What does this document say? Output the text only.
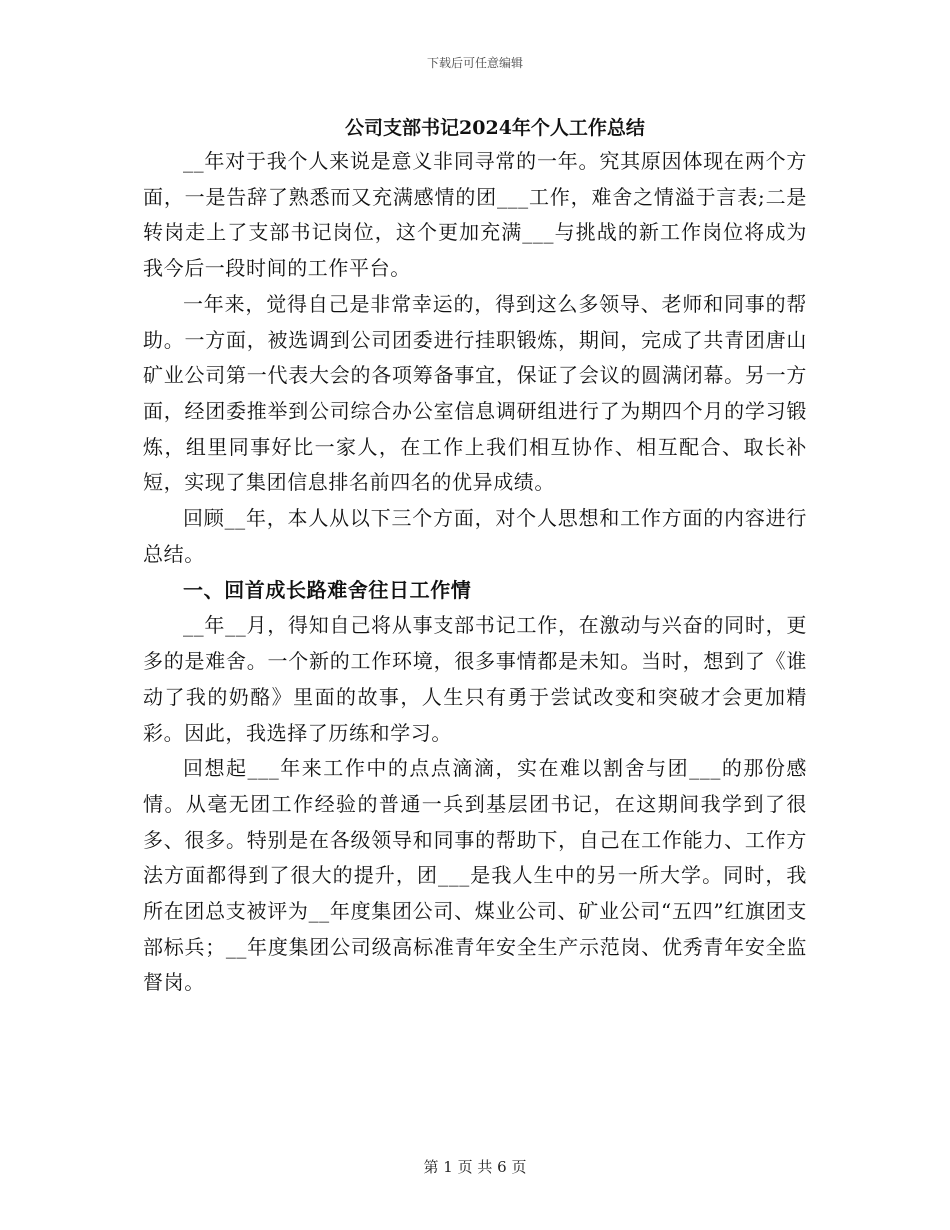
下载后可任意编辑
公司支部书记2024年个人工作总结

__年对于我个人来说是意义非同寻常的一年。究其原因体现在两个方面，一是告辞了熟悉而又充满感情的团___工作，难舍之情溢于言表;二是转岗走上了支部书记岗位，这个更加充满___与挑战的新工作岗位将成为我今后一段时间的工作平台。

一年来，觉得自己是非常幸运的，得到这么多领导、老师和同事的帮助。一方面，被选调到公司团委进行挂职锻炼，期间，完成了共青团唐山矿业公司第一代表大会的各项筹备事宜，保证了会议的圆满闭幕。另一方面，经团委推举到公司综合办公室信息调研组进行了为期四个月的学习锻炼，组里同事好比一家人，在工作上我们相互协作、相互配合、取长补短，实现了集团信息排名前四名的优异成绩。

回顾__年，本人从以下三个方面，对个人思想和工作方面的内容进行总结。

一、回首成长路难舍往日工作情

__年__月，得知自己将从事支部书记工作，在激动与兴奋的同时，更多的是难舍。一个新的工作环境，很多事情都是未知。当时，想到了《谁动了我的奶酪》里面的故事，人生只有勇于尝试改变和突破才会更加精彩。因此，我选择了历练和学习。

回想起___年来工作中的点点滴滴，实在难以割舍与团___的那份感情。从毫无团工作经验的普通一兵到基层团书记，在这期间我学到了很多、很多。特别是在各级领导和同事的帮助下，自己在工作能力、工作方法方面都得到了很大的提升，团___是我人生中的另一所大学。同时，我所在团总支被评为__年度集团公司、煤业公司、矿业公司“五四”红旗团支部标兵；__年度集团公司级高标准青年安全生产示范岗、优秀青年安全监督岗。

第 1 页 共 6 页
